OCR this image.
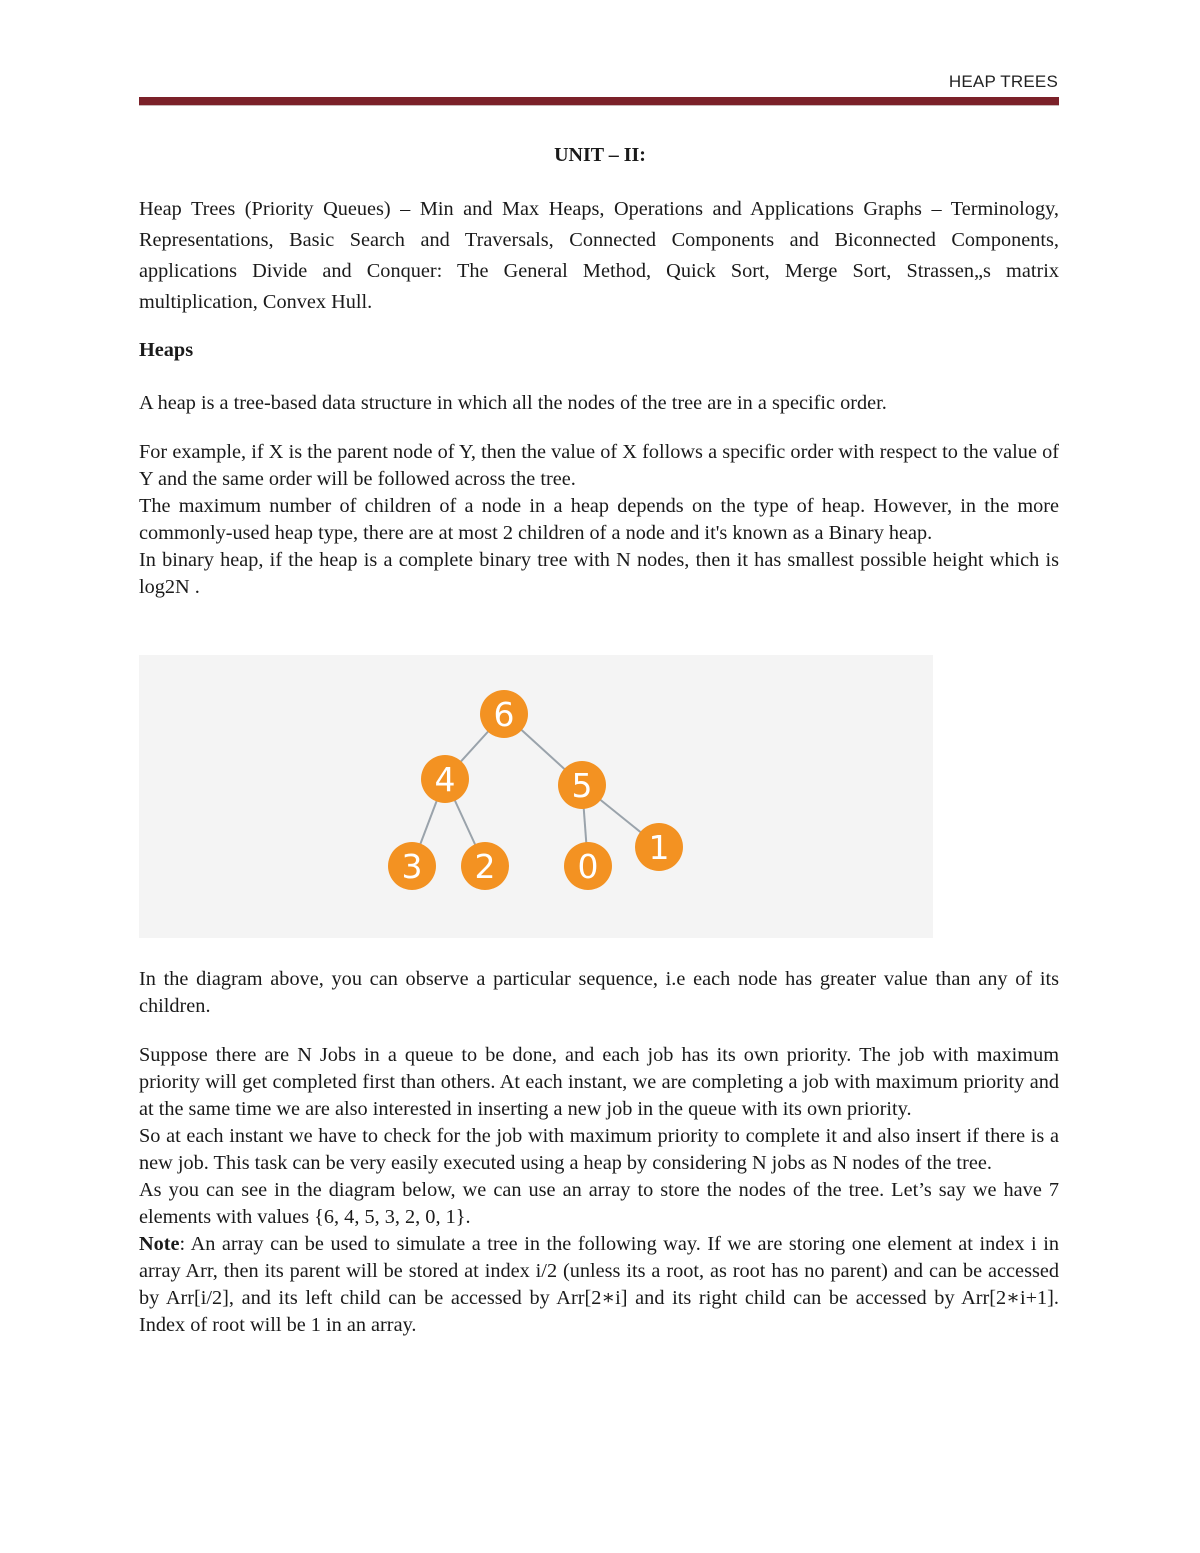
HEAP TREES
UNIT – II:

Heap Trees (Priority Queues) – Min and Max Heaps, Operations and Applications Graphs – Terminology, Representations, Basic Search and Traversals, Connected Components and Biconnected Components, applications Divide and Conquer: The General Method, Quick Sort, Merge Sort, Strassen„s matrix multiplication, Convex Hull.

Heaps

A heap is a tree-based data structure in which all the nodes of the tree are in a specific order.

For example, if X is the parent node of Y, then the value of X follows a specific order with respect to the value of Y and the same order will be followed across the tree.
The maximum number of children of a node in a heap depends on the type of heap. However, in the more commonly-used heap type, there are at most 2 children of a node and it's known as a Binary heap.
In binary heap, if the heap is a complete binary tree with N nodes, then it has smallest possible height which is log2N .
6
4	5
3 2 0 1

In the diagram above, you can observe a particular sequence, i.e each node has greater value than any of its children.

Suppose there are N Jobs in a queue to be done, and each job has its own priority. The job with maximum priority will get completed first than others. At each instant, we are completing a job with maximum priority and at the same time we are also interested in inserting a new job in the queue with its own priority.
So at each instant we have to check for the job with maximum priority to complete it and also insert if there is a new job. This task can be very easily executed using a heap by considering N jobs as N nodes of the tree.
As you can see in the diagram below, we can use an array to store the nodes of the tree. Let’s say we have 7 elements with values {6, 4, 5, 3, 2, 0, 1}.
Note: An array can be used to simulate a tree in the following way. If we are storing one element at index i in array Arr, then its parent will be stored at index i/2 (unless its a root, as root has no parent) and can be accessed by Arr[i/2], and its left child can be accessed by Arr[2∗i] and its right child can be accessed by Arr[2∗i+1]. Index of root will be 1 in an array.
